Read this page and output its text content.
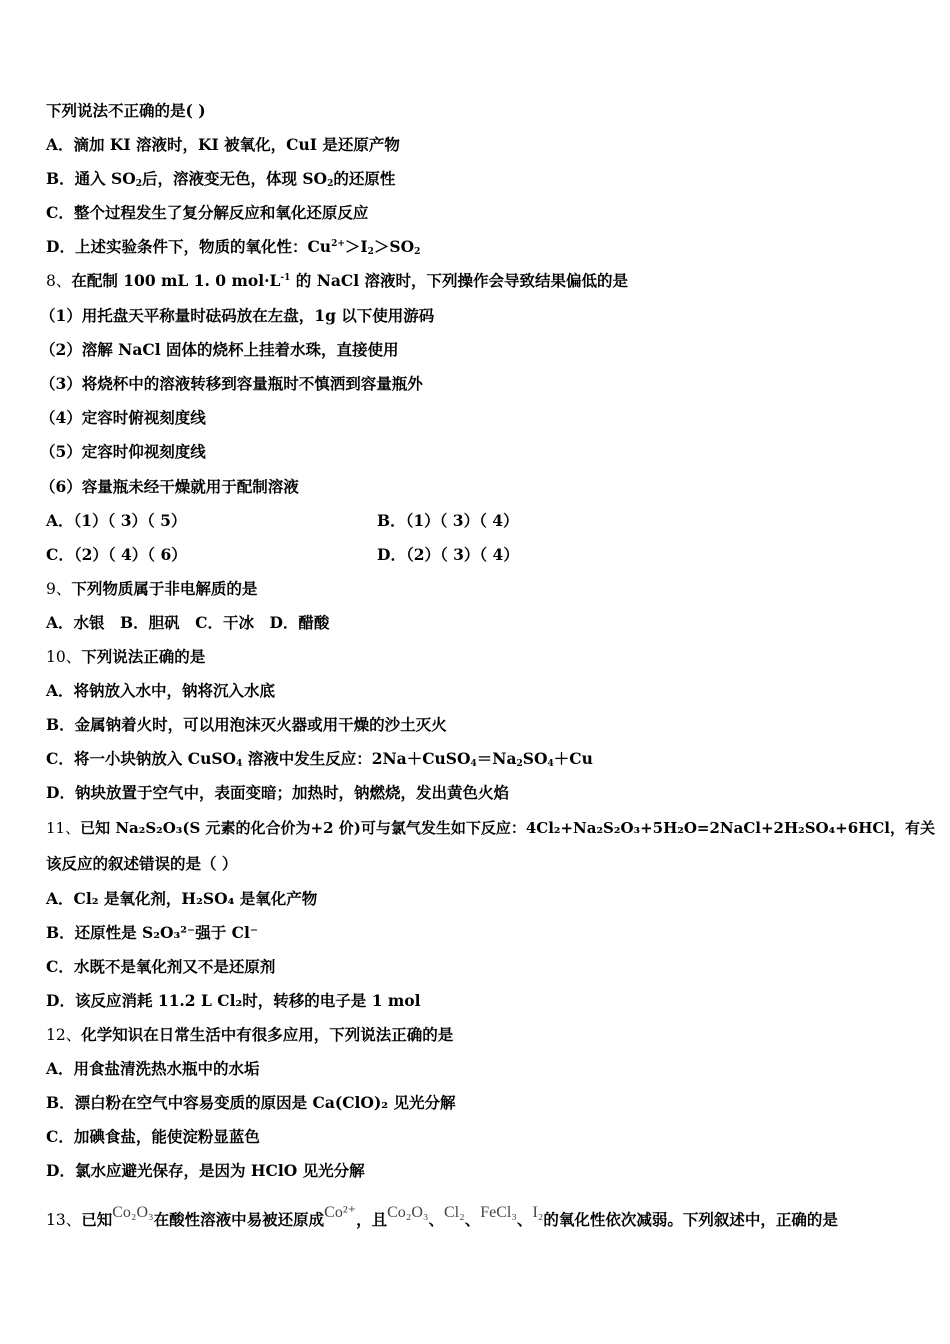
下列说法不正确的是( )
A．滴加 KI 溶液时，KI 被氧化，CuI 是还原产物
B．通入 $SO_2$后，溶液变无色，体现 $SO_2$的还原性
C．整个过程发生了复分解反应和氧化还原反应
D．上述实验条件下，物质的氧化性：$Cu^{2+}>I_2>SO_2$
8、在配制 100 mL 1. 0 $mol\cdot L^{-1}$ 的 NaCl 溶液时，下列操作会导致结果偏低的是
（1）用托盘天平称量时砝码放在左盘，1g 以下使用游码
（2）溶解 NaCl 固体的烧杯上挂着水珠，直接使用
（3）将烧杯中的溶液转移到容量瓶时不慎洒到容量瓶外
（4）定容时俯视刻度线
（5）定容时仰视刻度线
（6）容量瓶未经干燥就用于配制溶液
A．（1）（ 3）（ 5）	B．（1）（ 3）（ 4）
C．（2）（ 4）（ 6）	D．（2）（ 3）（ 4）
9、下列物质属于非电解质的是
A．水银　B．胆矾　C．干冰　D．醋酸
10、下列说法正确的是
A．将钠放入水中，钠将沉入水底
B．金属钠着火时，可以用泡沫灭火器或用干燥的沙土灭火
C．将一小块钠放入 CuSO$_4$ 溶液中发生反应：$2Na+CuSO_4=Na_2SO_4+Cu$
D．钠块放置于空气中，表面变暗；加热时，钠燃烧，发出黄色火焰
11、已知 Na₂S₂O₃(S 元素的化合价为+2 价)可与氯气发生如下反应：4Cl₂+Na₂S₂O₃+5H₂O=2NaCl+2H₂SO₄+6HCl，有关
该反应的叙述错误的是（ ）
A．Cl₂ 是氧化剂，H₂SO₄ 是氧化产物
B．还原性是 S₂O₃²⁻强于 Cl⁻
C．水既不是氧化剂又不是还原剂
D．该反应消耗 11.2 L Cl₂时，转移的电子是 1 mol
12、化学知识在日常生活中有很多应用，下列说法正确的是
A．用食盐清洗热水瓶中的水垢
B．漂白粉在空气中容易变质的原因是 Ca(ClO)₂ 见光分解
C．加碘食盐，能使淀粉显蓝色
D．氯水应避光保存，是因为 HClO 见光分解
13、已知Co₂O₃在酸性溶液中易被还原成Co²⁺，且Co₂O₃、Cl₂、FeCl₃、I₂的氧化性依次减弱。下列叙述中，正确的是
